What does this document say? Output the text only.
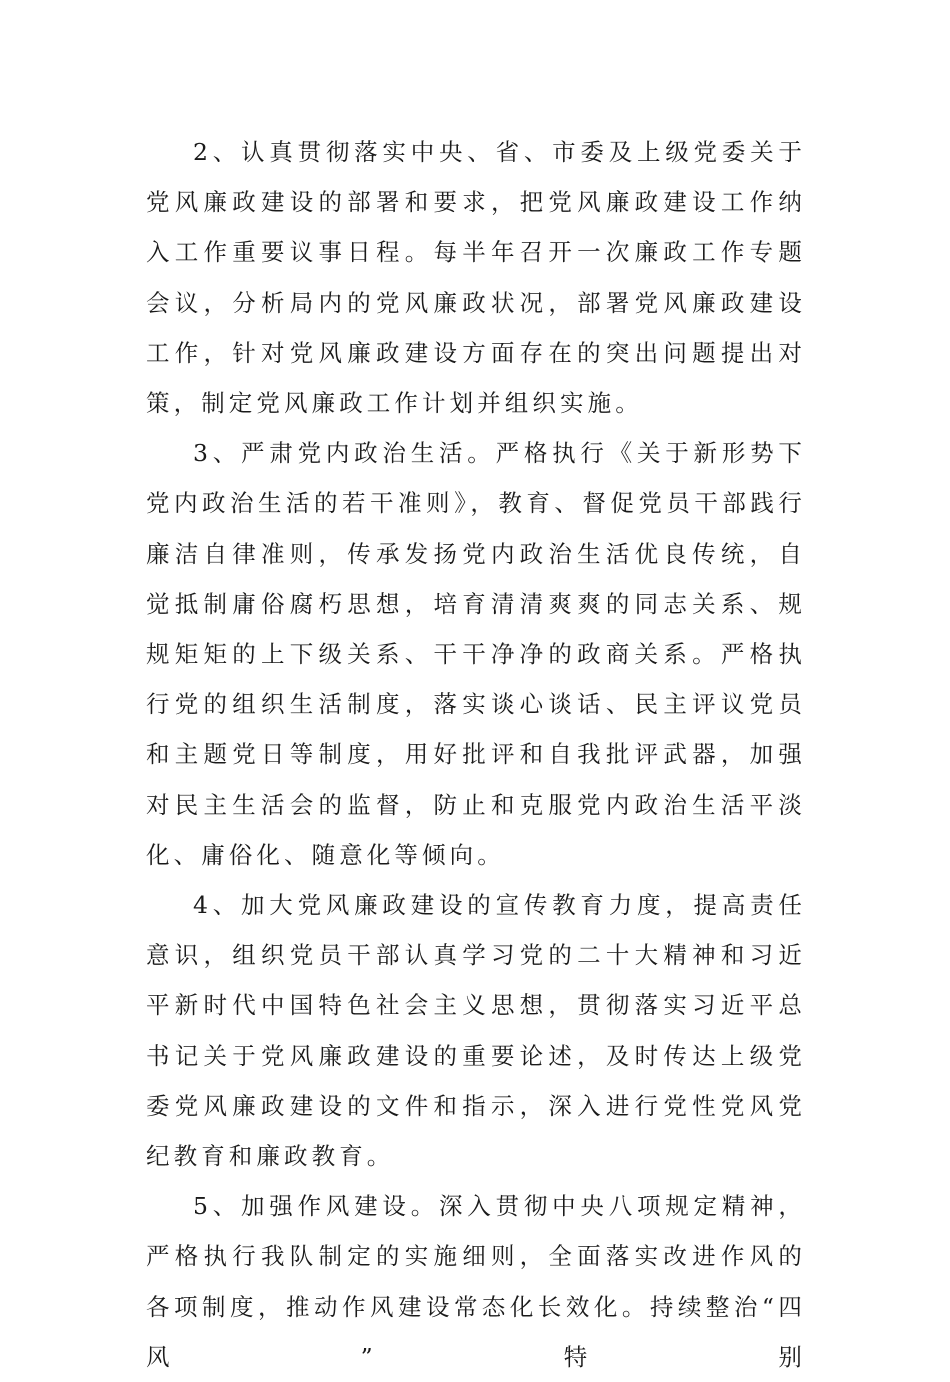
2、认真贯彻落实中央、省、市委及上级党委关于党风廉政建设的部署和要求，把党风廉政建设工作纳入工作重要议事日程。每半年召开一次廉政工作专题会议，分析局内的党风廉政状况，部署党风廉政建设工作，针对党风廉政建设方面存在的突出问题提出对策，制定党风廉政工作计划并组织实施。

3、严肃党内政治生活。严格执行《关于新形势下党内政治生活的若干准则》，教育、督促党员干部践行廉洁自律准则，传承发扬党内政治生活优良传统，自觉抵制庸俗腐朽思想，培育清清爽爽的同志关系、规规矩矩的上下级关系、干干净净的政商关系。严格执行党的组织生活制度，落实谈心谈话、民主评议党员和主题党日等制度，用好批评和自我批评武器，加强对民主生活会的监督，防止和克服党内政治生活平淡化、庸俗化、随意化等倾向。

4、加大党风廉政建设的宣传教育力度，提高责任意识，组织党员干部认真学习党的二十大精神和习近平新时代中国特色社会主义思想，贯彻落实习近平总书记关于党风廉政建设的重要论述，及时传达上级党委党风廉政建设的文件和指示，深入进行党性党风党纪教育和廉政教育。

5、加强作风建设。深入贯彻中央八项规定精神，严格执行我队制定的实施细则，全面落实改进作风的各项制度，推动作风建设常态化长效化。持续整治“四风”特别
